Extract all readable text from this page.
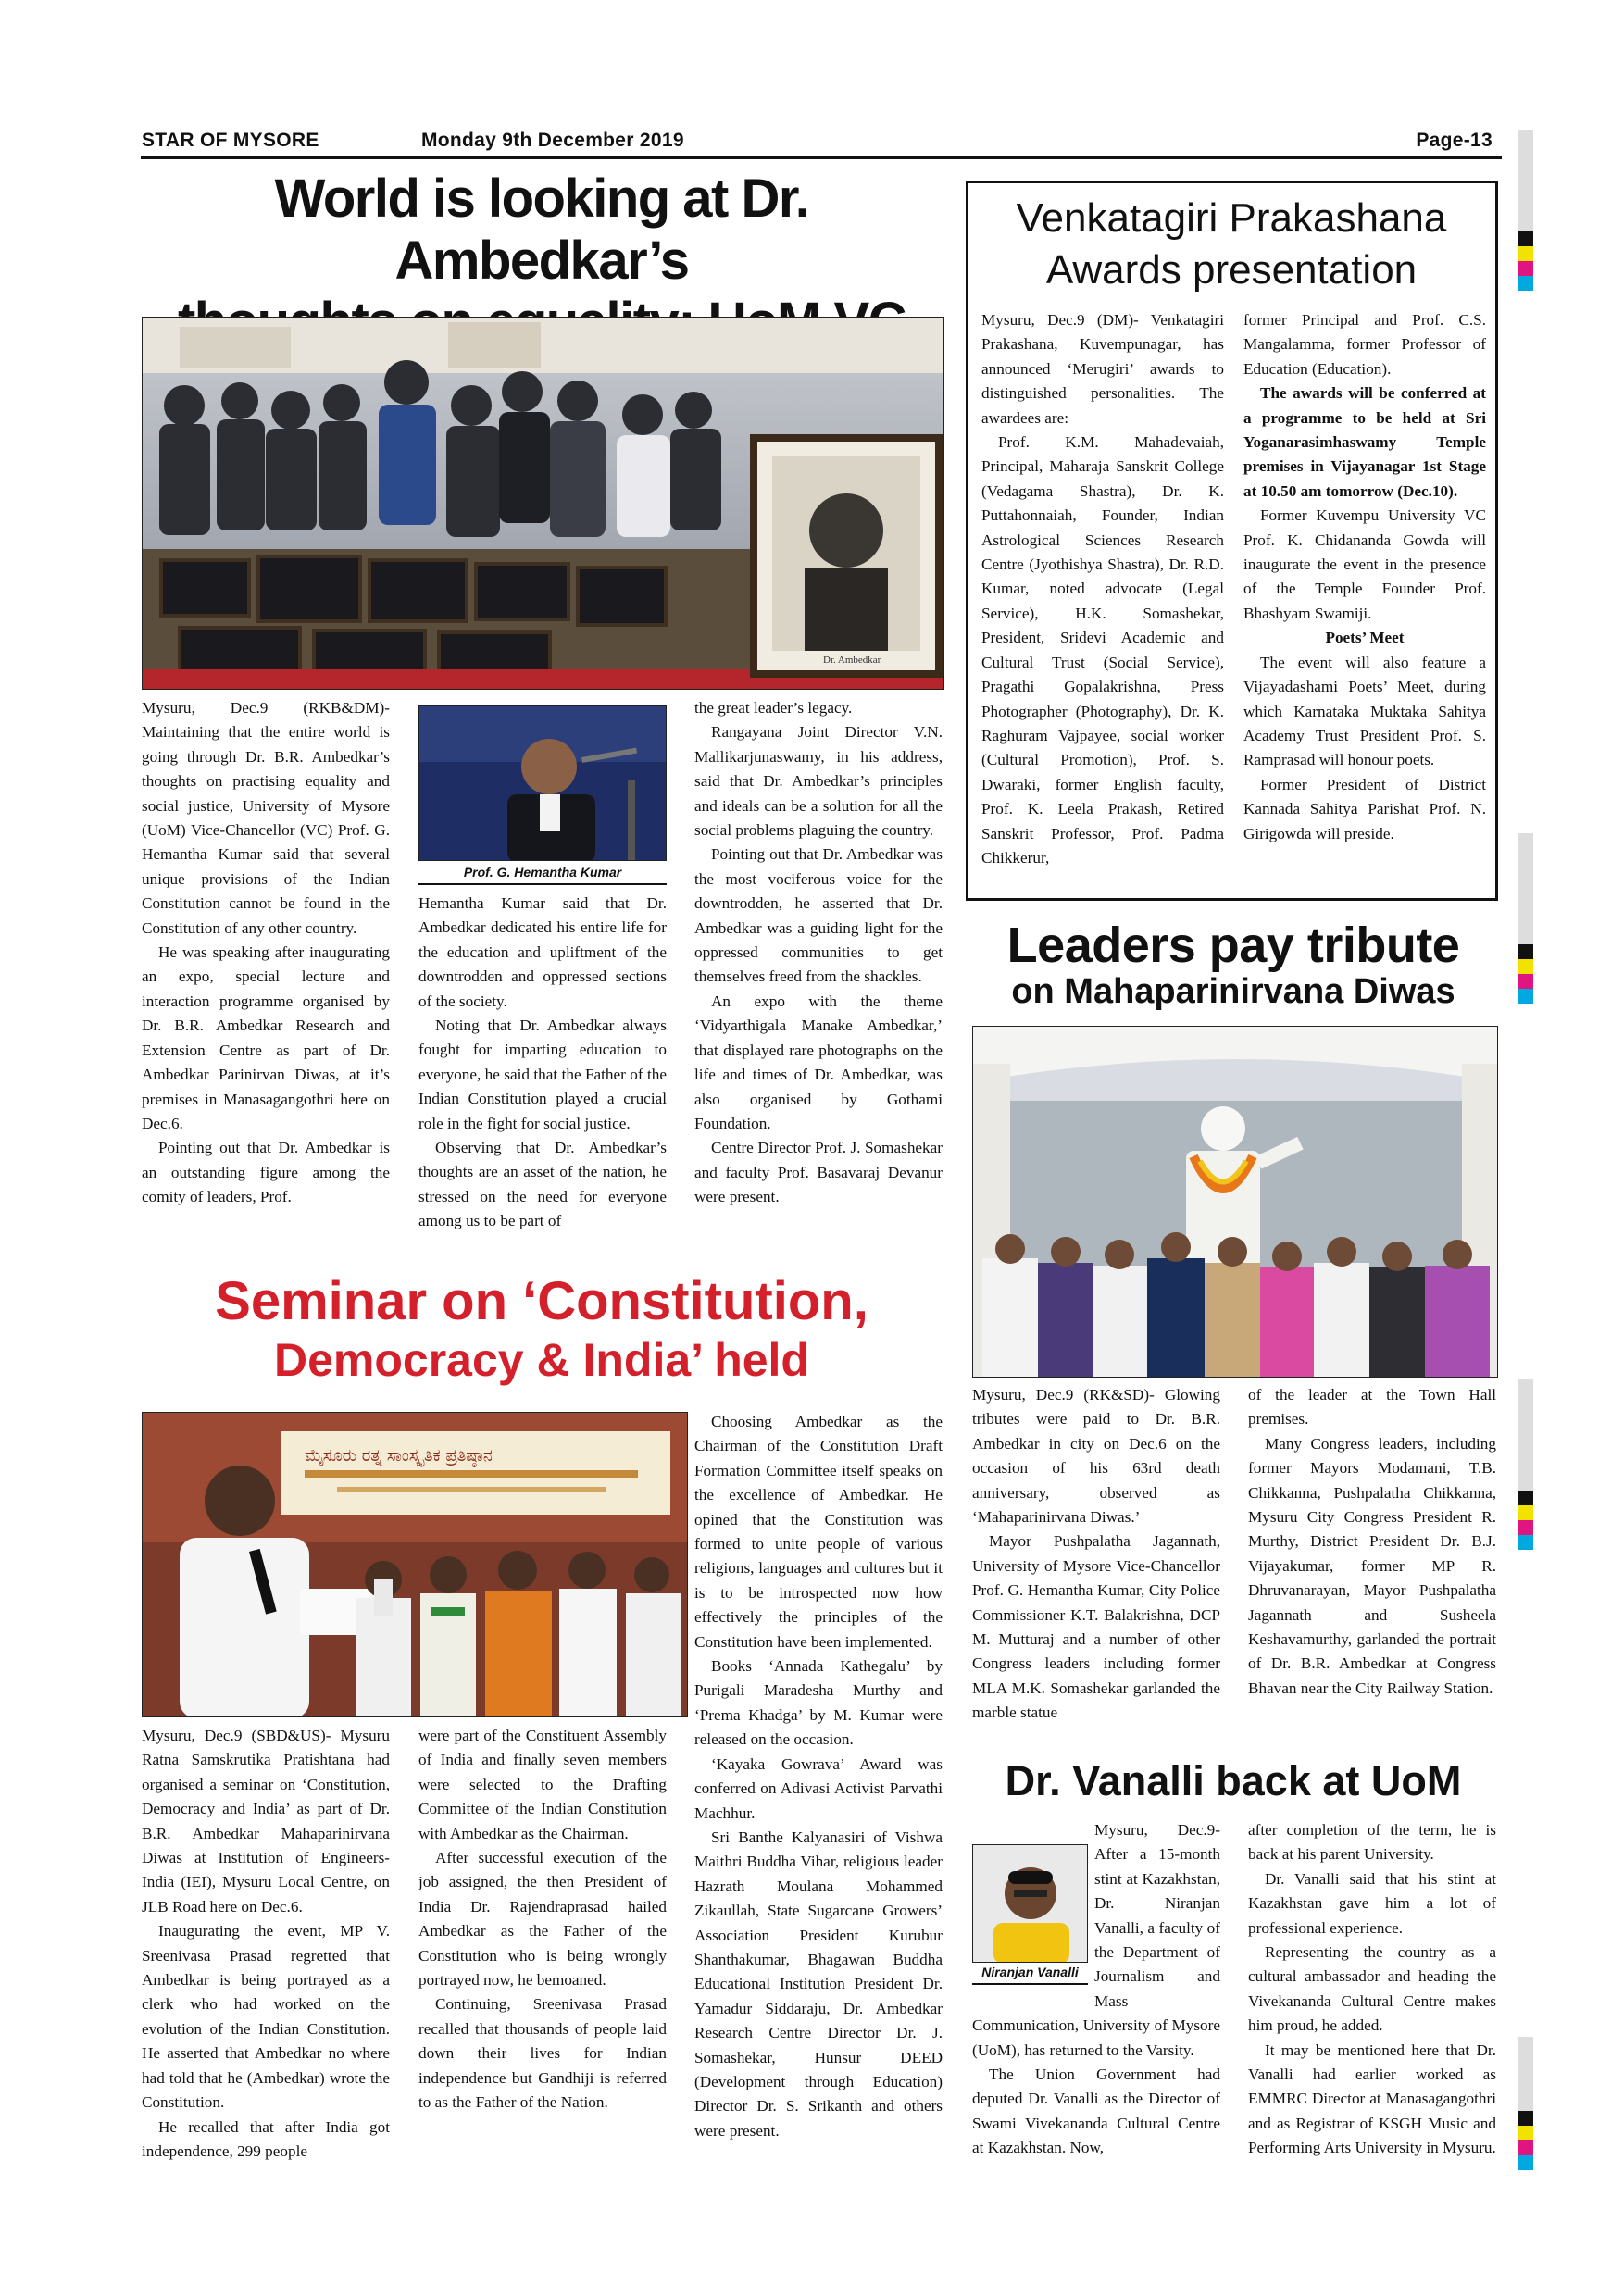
STAR OF MYSORE	Monday 9th December 2019	Page-13
World is looking at Dr. Ambedkar’s
Dr. Ambedkar

Mysuru, Dec.9 (RKB&DM)- Maintaining that the entire world is going through Dr. B.R. Ambedkar’s thoughts on practising equality and social justice, University of Mysore (UoM) Vice-Chancellor (VC) Prof. G. Hemantha Kumar said that several unique provisions of the Indian Constitution cannot be found in the Constitution of any other country.

He was speaking after inaugurating an expo, special lecture and interaction programme organised by Dr. B.R. Ambedkar Research and Extension Centre as part of Dr. Ambedkar Parinirvan Diwas, at it’s premises in Manasagangothri here on Dec.6.

Pointing out that Dr. Ambedkar is an outstanding figure among the comity of leaders, Prof.

Prof. G. Hemantha Kumar

Hemantha Kumar said that Dr. Ambedkar dedicated his entire life for the education and upliftment of the downtrodden and oppressed sections of the society.

Noting that Dr. Ambedkar always fought for imparting education to everyone, he said that the Father of the Indian Constitution played a crucial role in the fight for social justice.

Observing that Dr. Ambedkar’s thoughts are an asset of the nation, he stressed on the need for everyone among us to be part of

the great leader’s legacy.

Rangayana Joint Director V.N. Mallikarjunaswamy, in his address, said that Dr. Ambedkar’s principles and ideals can be a solution for all the social problems plaguing the country.

Pointing out that Dr. Ambedkar was the most vociferous voice for the downtrodden, he asserted that Dr. Ambedkar was a guiding light for the oppressed communities to get themselves freed from the shackles.

An expo with the theme ‘Vidyarthigala Manake Ambedkar,’ that displayed rare photographs on the life and times of Dr. Ambedkar, was also organised by Gothami Foundation.

Centre Director Prof. J. Somashekar and faculty Prof. Basavaraj Devanur were present.

Venkatagiri Prakashana
Awards presentation

Mysuru, Dec.9 (DM)- Venkatagiri Prakashana, Kuvempunagar, has announced ‘Merugiri’ awards to distinguished personalities. The awardees are:

Prof. K.M. Mahadevaiah, Principal, Maharaja Sanskrit College (Vedagama Shastra), Dr. K. Puttahonnaiah, Founder, Indian Astrological Sciences Research Centre (Jyothishya Shastra), Dr. R.D. Kumar, noted advocate (Legal Service), H.K. Somashekar, President, Sridevi Academic and Cultural Trust (Social Service), Pragathi Gopalakrishna, Press Photographer (Photography), Dr. K. Raghuram Vajpayee, social worker (Cultural Promotion), Prof. S. Dwaraki, former English faculty, Prof. K. Leela Prakash, Retired Sanskrit Professor, Prof. Padma Chikkerur,

former Principal and Prof. C.S. Mangalamma, former Professor of Education (Education).

The awards will be conferred at a programme to be held at Sri Yoganarasimhaswamy Temple premises in Vijayanagar 1st Stage at 10.50 am tomorrow (Dec.10).

Former Kuvempu University VC Prof. K. Chidananda Gowda will inaugurate the event in the presence of the Temple Founder Prof. Bhashyam Swamiji.

Poets’ Meet

The event will also feature a Vijayadashami Poets’ Meet, during which Karnataka Muktaka Sahitya Academy Trust President Prof. S. Ramprasad will honour poets.

Former President of District Kannada Sahitya Parishat Prof. N. Girigowda will preside.

Leaders pay tribute
on Mahaparinirvana Diwas

Mysuru, Dec.9 (RK&SD)- Glowing tributes were paid to Dr. B.R. Ambedkar in city on Dec.6 on the occasion of his 63rd death anniversary, observed as ‘Mahaparinirvana Diwas.’

Mayor Pushpalatha Jagannath, University of Mysore Vice-Chancellor Prof. G. Hemantha Kumar, City Police Commissioner K.T. Balakrishna, DCP M. Mutturaj and a number of other Congress leaders including former MLA M.K. Somashekar garlanded the marble statue

of the leader at the Town Hall premises.

Many Congress leaders, including former Mayors Modamani, T.B. Chikkanna, Pushpalatha Chikkanna, Mysuru City Congress President R. Murthy, District President Dr. B.J. Vijayakumar, former MP R. Dhruvanarayan, Mayor Pushpalatha Jagannath and Susheela Keshavamurthy, garlanded the portrait of Dr. B.R. Ambedkar at Congress Bhavan near the City Railway Station.

Seminar on ‘Constitution,
Democracy & India’ held
ಮೈಸೂರು ರತ್ನ ಸಾಂಸ್ಕೃತಿಕ ಪ್ರತಿಷ್ಠಾನ

Mysuru, Dec.9 (SBD&US)- Mysuru Ratna Samskrutika Pratishtana had organised a seminar on ‘Constitution, Democracy and India’ as part of Dr. B.R. Ambedkar Mahaparinirvana Diwas at Institution of Engineers-India (IEI), Mysuru Local Centre, on JLB Road here on Dec.6.

Inaugurating the event, MP V. Sreenivasa Prasad regretted that Ambedkar is being portrayed as a clerk who had worked on the evolution of the Indian Constitution. He asserted that Ambedkar no where had told that he (Ambedkar) wrote the Constitution.

He recalled that after India got independence, 299 people

were part of the Constituent Assembly of India and finally seven members were selected to the Drafting Committee of the Indian Constitution with Ambedkar as the Chairman.

After successful execution of the job assigned, the then President of India Dr. Rajendraprasad hailed Ambedkar as the Father of the Constitution who is being wrongly portrayed now, he bemoaned.

Continuing, Sreenivasa Prasad recalled that thousands of people laid down their lives for Indian independence but Gandhiji is referred to as the Father of the Nation.

Choosing Ambedkar as the Chairman of the Constitution Draft Formation Committee itself speaks on the excellence of Ambedkar. He opined that the Constitution was formed to unite people of various religions, languages and cultures but it is to be introspected now how effectively the principles of the Constitution have been implemented.

Books ‘Annada Kathegalu’ by Purigali Maradesha Murthy and ‘Prema Khadga’ by M. Kumar were released on the occasion.

‘Kayaka Gowrava’ Award was conferred on Adivasi Activist Parvathi Machhur.

Sri Banthe Kalyanasiri of Vishwa Maithri Buddha Vihar, religious leader Hazrath Moulana Mohammed Zikaullah, State Sugarcane Growers’ Association President Kurubur Shanthakumar, Bhagawan Buddha Educational Institution President Dr. Yamadur Siddaraju, Dr. Ambedkar Research Centre Director Dr. J. Somashekar, Hunsur DEED (Development through Education) Director Dr. S. Srikanth and others were present.

Dr. Vanalli back at UoM
Niranjan Vanalli

Mysuru, Dec.9- After a 15-month stint at Kazakhstan, Dr. Niranjan Vanalli, a faculty of the Department of Journalism and Mass Communication, University of Mysore (UoM), has returned to the Varsity.

The Union Government had deputed Dr. Vanalli as the Director of Swami Vivekananda Cultural Centre at Kazakhstan. Now,

after completion of the term, he is back at his parent University.

Dr. Vanalli said that his stint at Kazakhstan gave him a lot of professional experience.

Representing the country as a cultural ambassador and heading the Vivekananda Cultural Centre makes him proud, he added.

It may be mentioned here that Dr. Vanalli had earlier worked as EMMRC Director at Manasagangothri and as Registrar of KSGH Music and Performing Arts University in Mysuru.
